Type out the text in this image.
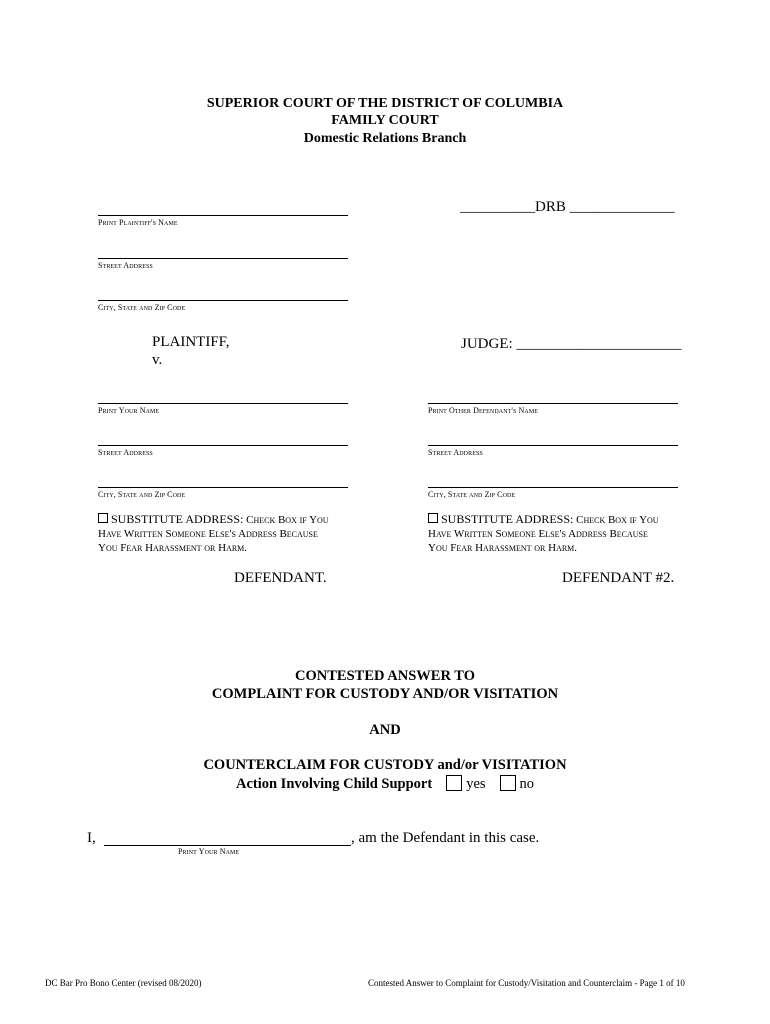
SUPERIOR COURT OF THE DISTRICT OF COLUMBIA
FAMILY COURT
Domestic Relations Branch
__________DRB ______________
Print Plaintiff's Name
Street Address
City, State and Zip Code
PLAINTIFF,
v.
JUDGE: ______________________
Print Your Name
Street Address
City, State and Zip Code
SUBSTITUTE ADDRESS: Check Box if You
Have Written Someone Else's Address Because
You Fear Harassment or Harm.
DEFENDANT.
Print Other Defendant's Name
Street Address
City, State and Zip Code
SUBSTITUTE ADDRESS: Check Box if You
Have Written Someone Else's Address Because
You Fear Harassment or Harm.
DEFENDANT #2.
CONTESTED ANSWER TO
COMPLAINT FOR CUSTODY AND/OR VISITATION
AND
COUNTERCLAIM FOR CUSTODY and/or VISITATION
Action Involving Child Support yes no
I,	, am the Defendant in this case.
Print Your Name
DC Bar Pro Bono Center (revised 08/2020)	Contested Answer to Complaint for Custody/Visitation and Counterclaim - Page 1 of 10
